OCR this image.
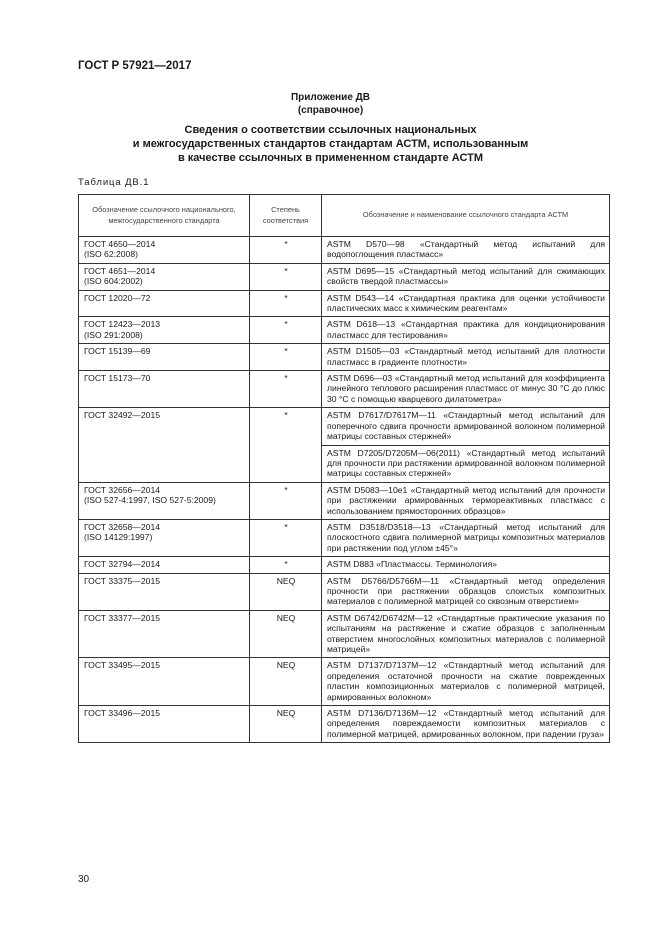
ГОСТ Р 57921—2017
Приложение ДВ
(справочное)
Сведения о соответствии ссылочных национальных
и межгосударственных стандартов стандартам АСТМ, использованным
в качестве ссылочных в примененном стандарте АСТМ
Таблица ДВ.1
Обозначение ссылочного национального, межгосударственного стандарта	Степень соответствия	Обозначение и наименование ссылочного стандарта АСТМ

ГОСТ 4650—2014
(ISO 62:2008)	*	ASTM D570—98 «Стандартный метод испытаний для водопоглощения пластмасс»

ГОСТ 4651—2014
(ISO 604:2002)	*	ASTM D695—15 «Стандартный метод испытаний для сжимающих свойств твердой пластмассы»

ГОСТ 12020—72	*	ASTM D543—14 «Стандартная практика для оценки устойчивости пластических масс к химическим реагентам»

ГОСТ 12423—2013
(ISO 291:2008)	*	ASTM D618—13 «Стандартная практика для кондиционирования пластмасс для тестирования»

ГОСТ 15139—69	*	ASTM D1505—03 «Стандартный метод испытаний для плотности пластмасс в градиенте плотности»

ГОСТ 15173—70	*	ASTM D696—03 «Стандартный метод испытаний для коэффициента линейного теплового расширения пластмасс от минус 30 °С до плюс 30 °С с помощью кварцевого дилатометра»

ГОСТ 32492—2015	*	ASTM D7617/D7617M—11 «Стандартный метод испытаний для поперечного сдвига прочности армированной волокном полимерной матрицы составных стержней»
		ASTM D7205/D7205M—06(2011) «Стандартный метод испытаний для прочности при растяжении армированной волокном полимерной матрицы составных стержней»

ГОСТ 32656—2014
(ISO 527-4:1997, ISO 527-5:2009)	*	ASTM D5083—10е1 «Стандартный метод испытаний для прочности при растяжении армированных термореактивных пластмасс с использованием прямосторонних образцов»

ГОСТ 32658—2014
(ISO 14129:1997)	*	ASTM D3518/D3518—13 «Стандартный метод испытаний для плоскостного сдвига полимерной матрицы композитных материалов при растяжении под углом ±45°»

ГОСТ 32794—2014	*	ASTM D883 «Пластмассы. Терминология»

ГОСТ 33375—2015	NEQ	ASTM D5766/D5766M—11 «Стандартный метод определения прочности при растяжении образцов слоистых композитных материалов с полимерной матрицей со сквозным отверстием»

ГОСТ 33377—2015	NEQ	ASTM D6742/D6742M—12 «Стандартные практические указания по испытаниям на растяжение и сжатие образцов с заполненным отверстием многослойных композитных материалов с полимерной матрицей»

ГОСТ 33495—2015	NEQ	ASTM D7137/D7137M—12 «Стандартный метод испытаний для определения остаточной прочности на сжатие поврежденных пластин композиционных материалов с полимерной матрицей, армированных волокном»

ГОСТ 33496—2015	NEQ	ASTM D7136/D7136M—12 «Стандартный метод испытаний для определения повреждаемости композитных материалов с полимерной матрицей, армированных волокном, при падении груза»
30
